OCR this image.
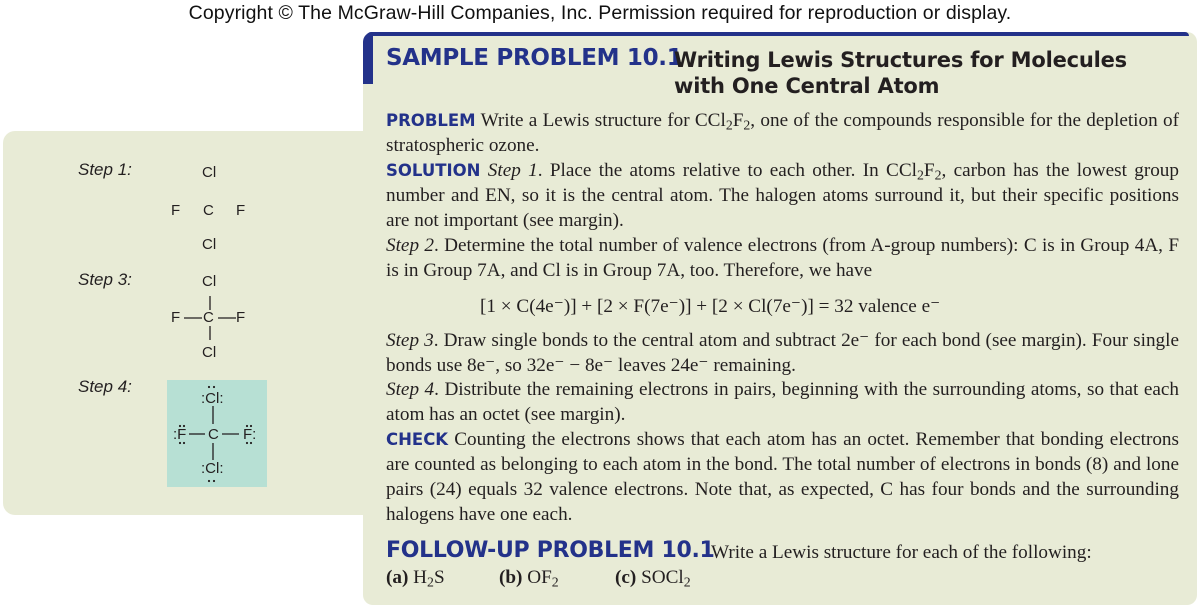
Copyright © The McGraw-Hill Companies, Inc. Permission required for reproduction or display.
Step 1:	Cl
F C F
Cl
Step 3:	Cl
F C F
Cl
Step 4:
:Cl:
:F C F:
:Cl:
SAMPLE PROBLEM 10.1
Writing Lewis Structures for Molecules
with One Central Atom
PROBLEM Write a Lewis structure for $CCl_2F_2$, one of the compounds responsible for the depletion of stratospheric ozone.
SOLUTION Step 1. Place the atoms relative to each other. In $CCl_2F_2$, carbon has the lowest group number and EN, so it is the central atom. The halogen atoms surround it, but their specific positions are not important (see margin).
Step 2. Determine the total number of valence electrons (from A-group numbers): C is in Group 4A, F is in Group 7A, and Cl is in Group 7A, too. Therefore, we have
[1 × C(4e⁻)] + [2 × F(7e⁻)] + [2 × Cl(7e⁻)] = 32 valence e⁻
Step 3. Draw single bonds to the central atom and subtract 2e⁻ for each bond (see margin). Four single bonds use 8e⁻, so 32e⁻ − 8e⁻ leaves 24e⁻ remaining.
Step 4. Distribute the remaining electrons in pairs, beginning with the surrounding atoms, so that each atom has an octet (see margin).
CHECK Counting the electrons shows that each atom has an octet. Remember that bonding electrons are counted as belonging to each atom in the bond. The total number of electrons in bonds (8) and lone pairs (24) equals 32 valence electrons. Note that, as expected, C has four bonds and the surrounding halogens have one each.
FOLLOW-UP PROBLEM 10.1
Write a Lewis structure for each of the following:
(a) $H_2S$	(b) $OF_2$	(c) SOCl$_2$
